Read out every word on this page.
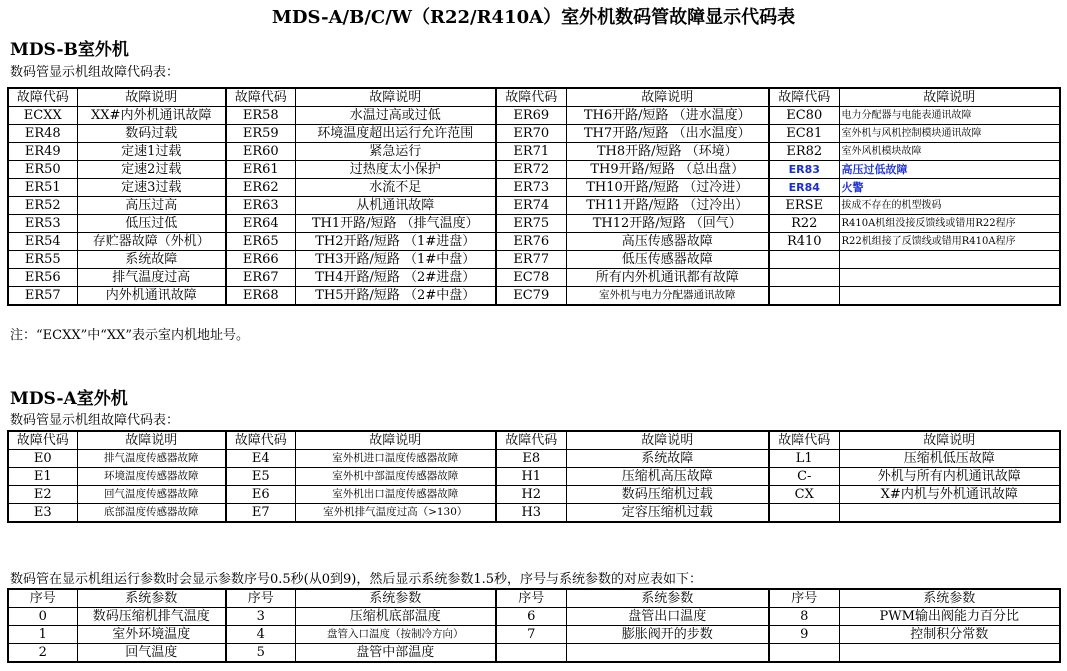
MDS-A/B/C/W（R22/R410A）室外机数码管故障显示代码表
MDS-B室外机
数码管显示机组故障代码表：
故障代码	故障说明	故障代码	故障说明	故障代码	故障说明	故障代码	故障说明
ECXX	XX#内外机通讯故障	ER58	水温过高或过低	ER69	TH6开路/短路 （进水温度）	EC80	电力分配器与电能表通讯故障
ER48	数码过载	ER59	环境温度超出运行允许范围	ER70	TH7开路/短路 （出水温度）	EC81	室外机与风机控制模块通讯故障
ER49	定速1过载	ER60	紧急运行	ER71	TH8开路/短路 （环境）	ER82	室外风机模块故障
ER50	定速2过载	ER61	过热度太小保护	ER72	TH9开路/短路 （总出盘）	ER83	高压过低故障
ER51	定速3过载	ER62	水流不足	ER73	TH10开路/短路 （过冷进）	ER84	火警
ER52	高压过高	ER63	从机通讯故障	ER74	TH11开路/短路 （过冷出）	ERSE	拔成不存在的机型拨码
ER53	低压过低	ER64	TH1开路/短路 （排气温度）	ER75	TH12开路/短路 （回气）	R22	R410A机组没接反馈线或错用R22程序
ER54	存贮器故障（外机）	ER65	TH2开路/短路 （1#进盘）	ER76	高压传感器故障	R410	R22机组接了反馈线或错用R410A程序
ER55	系统故障	ER66	TH3开路/短路 （1#中盘）	ER77	低压传感器故障		
ER56	排气温度过高	ER67	TH4开路/短路 （2#进盘）	EC78	所有内外机通讯都有故障		
ER57	内外机通讯故障	ER68	TH5开路/短路 （2#中盘）	EC79	室外机与电力分配器通讯故障		
注：“ECXX”中“XX”表示室内机地址号。
MDS-A室外机
数码管显示机组故障代码表：
故障代码	故障说明	故障代码	故障说明	故障代码	故障说明	故障代码	故障说明
E0	排气温度传感器故障	E4	室外机进口温度传感器故障	E8	系统故障	L1	压缩机低压故障
E1	环境温度传感器故障	E5	室外机中部温度传感器故障	H1	压缩机高压故障	C-	外机与所有内机通讯故障
E2	回气温度传感器故障	E6	室外机出口温度传感器故障	H2	数码压缩机过载	CX	X#内机与外机通讯故障
E3	底部温度传感器故障	E7	室外机排气温度过高（>130）	H3	定容压缩机过载		
数码管在显示机组运行参数时会显示参数序号0.5秒(从0到9)，然后显示系统参数1.5秒，序号与系统参数的对应表如下：
序号	系统参数	序号	系统参数	序号	系统参数	序号	系统参数
0	数码压缩机排气温度	3	压缩机底部温度	6	盘管出口温度	8	PWM输出阀能力百分比
1	室外环境温度	4	盘管入口温度（按制冷方向）	7	膨胀阀开的步数	9	控制积分常数
2	回气温度	5	盘管中部温度				
